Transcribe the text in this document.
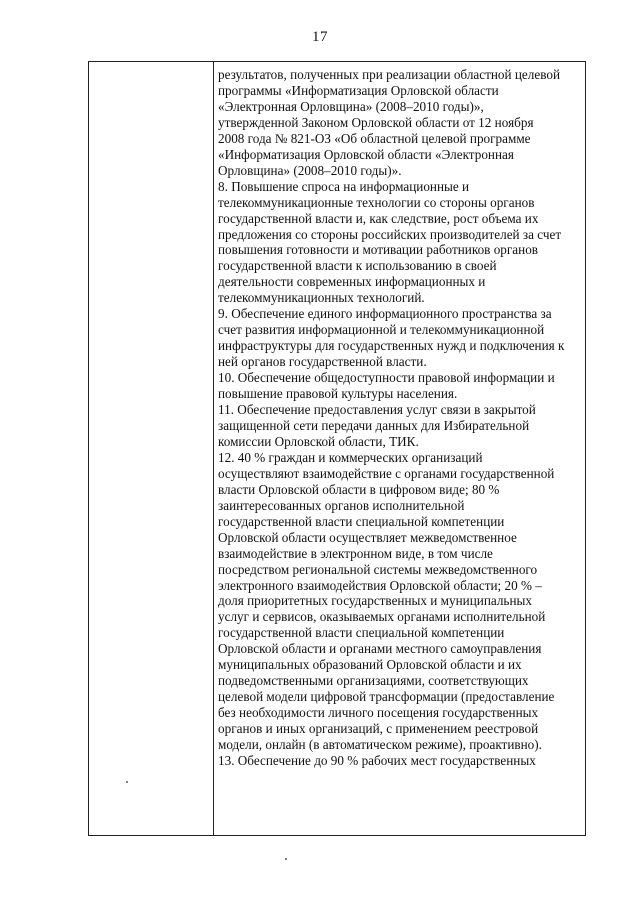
17
результатов, полученных при реализации областной целевой
программы «Информатизация Орловской области
«Электронная Орловщина» (2008–2010 годы)»,
утвержденной Законом Орловской области от 12 ноября
2008 года № 821-ОЗ «Об областной целевой программе
«Информатизация Орловской области «Электронная
Орловщина» (2008–2010 годы)».
8. Повышение спроса на информационные и
телекоммуникационные технологии со стороны органов
государственной власти и, как следствие, рост объема их
предложения со стороны российских производителей за счет
повышения готовности и мотивации работников органов
государственной власти к использованию в своей
деятельности современных информационных и
телекоммуникационных технологий.
9. Обеспечение единого информационного пространства за
счет развития информационной и телекоммуникационной
инфраструктуры для государственных нужд и подключения к
ней органов государственной власти.
10. Обеспечение общедоступности правовой информации и
повышение правовой культуры населения.
11. Обеспечение предоставления услуг связи в закрытой
защищенной сети передачи данных для Избирательной
комиссии Орловской области, ТИК.
12. 40 % граждан и коммерческих организаций
осуществляют взаимодействие с органами государственной
власти Орловской области в цифровом виде; 80 %
заинтересованных органов исполнительной
государственной власти специальной компетенции
Орловской области осуществляет межведомственное
взаимодействие в электронном виде, в том числе
посредством региональной системы межведомственного
электронного взаимодействия Орловской области; 20 % –
доля приоритетных государственных и муниципальных
услуг и сервисов, оказываемых органами исполнительной
государственной власти специальной компетенции
Орловской области и органами местного самоуправления
муниципальных образований Орловской области и их
подведомственными организациями, соответствующих
целевой модели цифровой трансформации (предоставление
без необходимости личного посещения государственных
органов и иных организаций, с применением реестровой
модели, онлайн (в автоматическом режиме), проактивно).
13. Обеспечение до 90 % рабочих мест государственных
